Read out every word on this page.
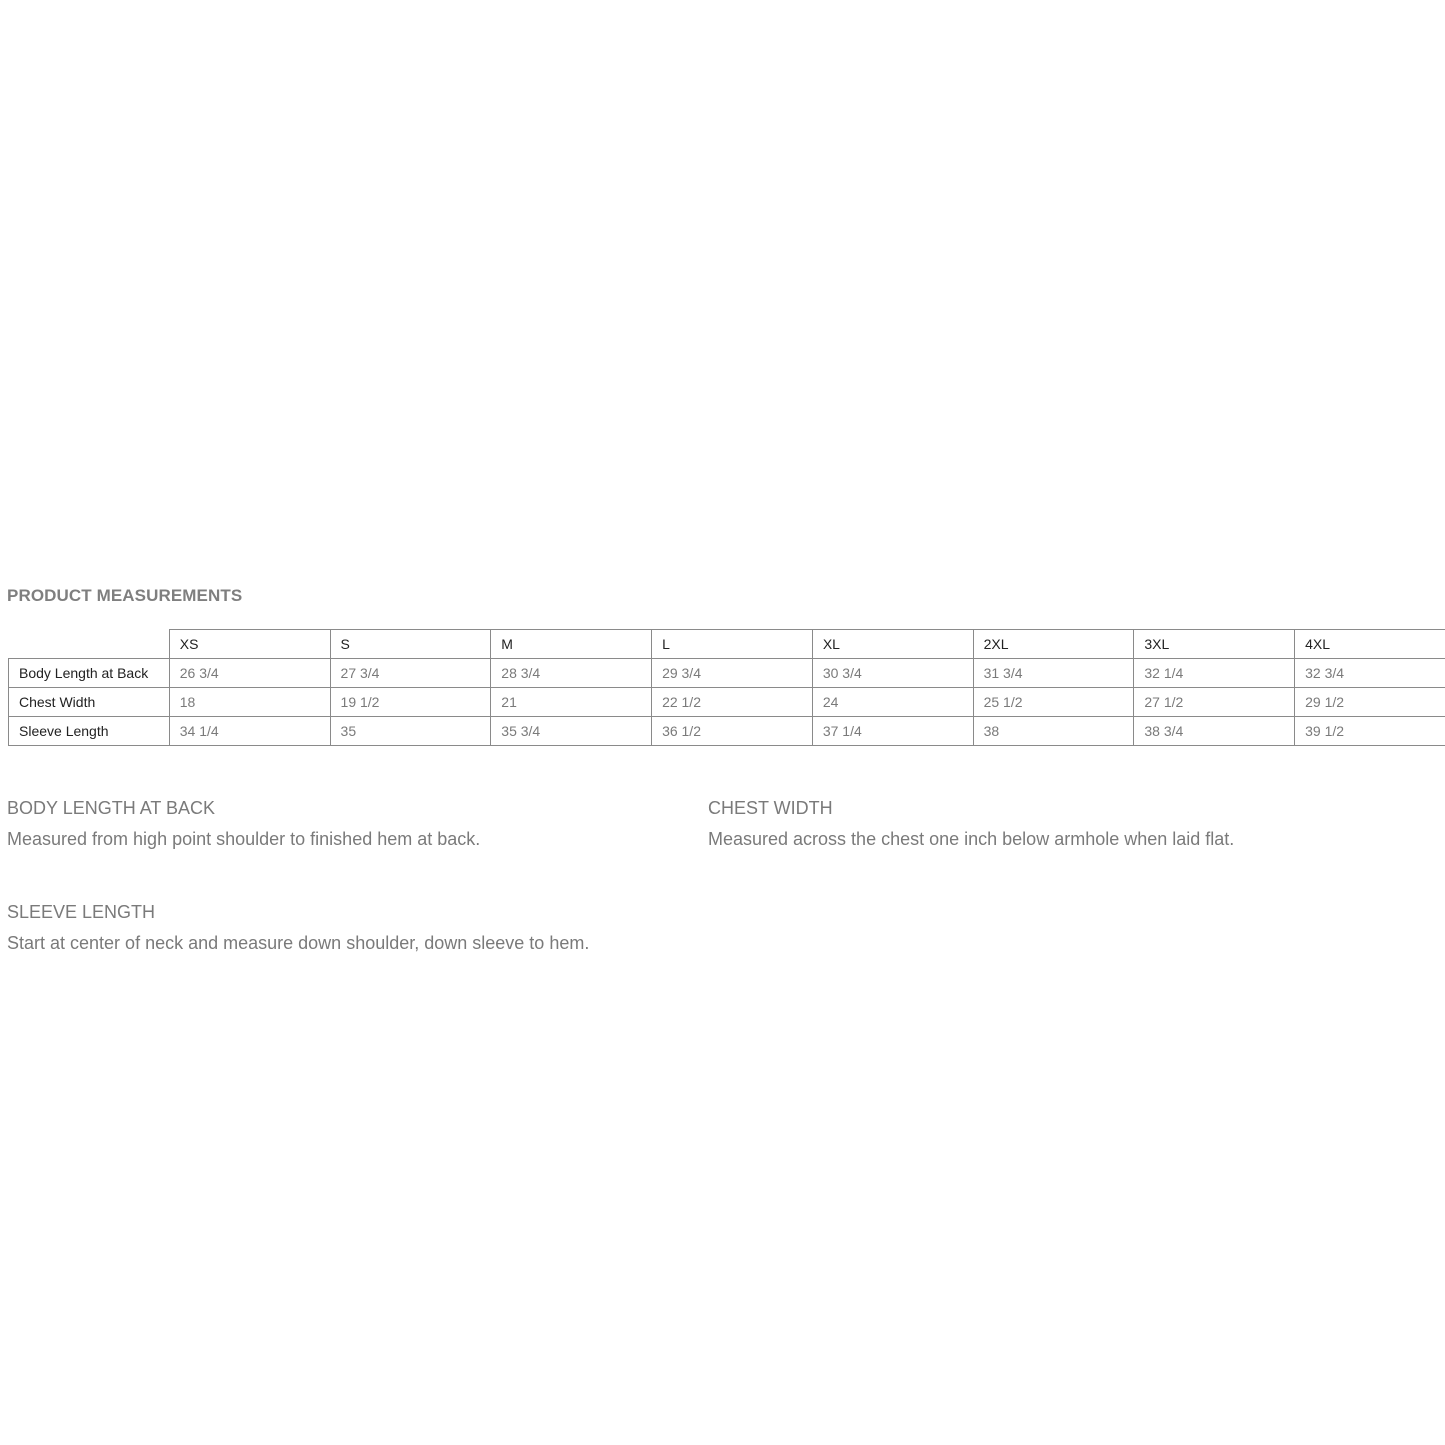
PRODUCT MEASUREMENTS
	XS	S	M	L	XL	2XL	3XL	4XL
Body Length at Back	26 3/4	27 3/4	28 3/4	29 3/4	30 3/4	31 3/4	32 1/4	32 3/4
Chest Width	18	19 1/2	21	22 1/2	24	25 1/2	27 1/2	29 1/2
Sleeve Length	34 1/4	35	35 3/4	36 1/2	37 1/4	38	38 3/4	39 1/2
BODY LENGTH AT BACK
Measured from high point shoulder to finished hem at back.
CHEST WIDTH
Measured across the chest one inch below armhole when laid flat.
SLEEVE LENGTH
Start at center of neck and measure down shoulder, down sleeve to hem.
